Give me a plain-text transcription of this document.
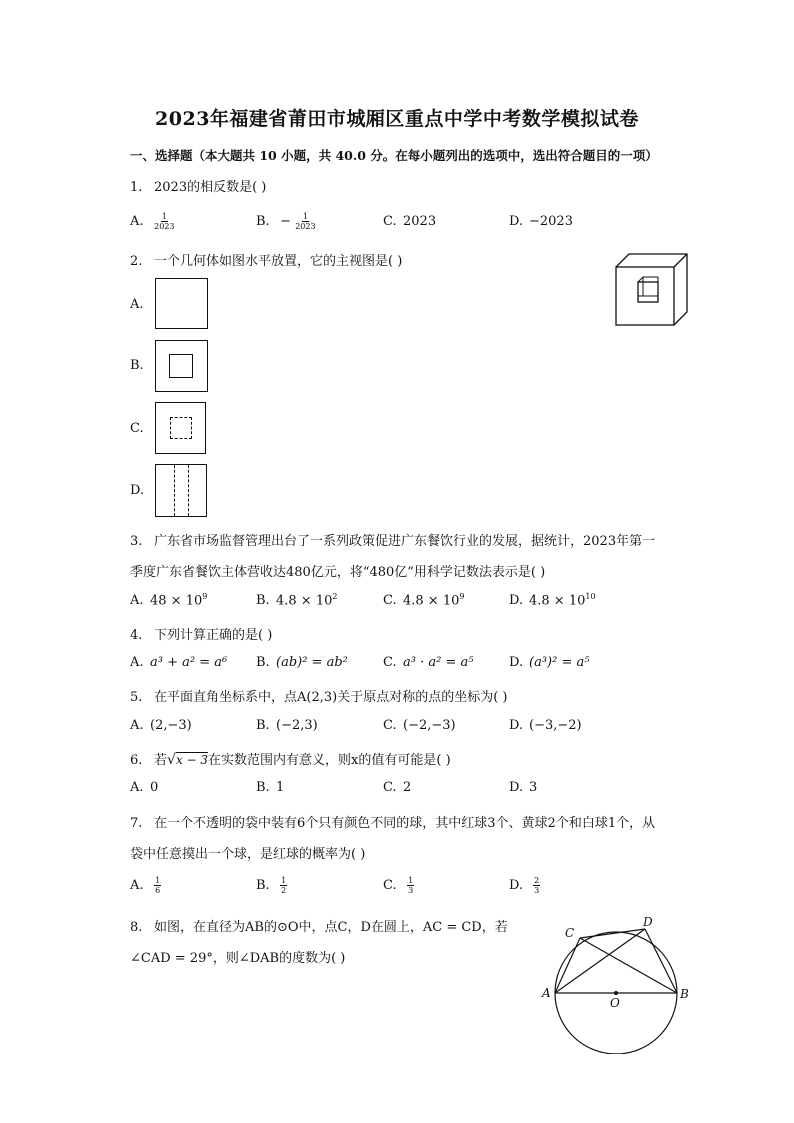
2023年福建省莆田市城厢区重点中学中考数学模拟试卷
一、选择题（本大题共 10 小题，共 40.0 分。在每小题列出的选项中，选出符合题目的一项）
1. 2023的相反数是( )
A. $\frac{1}{2023}$	B. − $\frac{1}{2023}$	C. 2023	D. −2023
2. 一个几何体如图水平放置，它的主视图是( )
A.
B.
C.
D.
3. 广东省市场监督管理出台了一系列政策促进广东餐饮行业的发展，据统计，2023年第一
季度广东省餐饮主体营收达480亿元，将“480亿”用科学记数法表示是( )
A. $48 \times 10^9$	B. $4.8 \times 10^2$	C. $4.8 \times 10^9$	D. $4.8 \times 10^{10}$
4. 下列计算正确的是( )
A. a³ + a² = a⁶ B. (ab)² = ab²	C. a³ · a² = a⁵	D. (a³)² = a⁵
5. 在平面直角坐标系中，点A(2,3)关于原点对称的点的坐标为( )
A. (2,−3)	B. (−2,3)	C. (−2,−3)	D. (−3,−2)
6. 若√x − 3在实数范围内有意义，则x的值有可能是( )
A. 0	B. 1	C. 2	D. 3
7. 在一个不透明的袋中装有6个只有颜色不同的球，其中红球3个、黄球2个和白球1个，从
袋中任意摸出一个球，是红球的概率为( )
A. $\frac{1}{6}$	B. $\frac{1}{2}$	C. $\frac{1}{3}$	D. $\frac{2}{3}$
8. 如图，在直径为AB的⊙O中，点C，D在圆上，AC = CD，若
∠CAD = 29°，则∠DAB的度数为( )
A	B
C
D
O
